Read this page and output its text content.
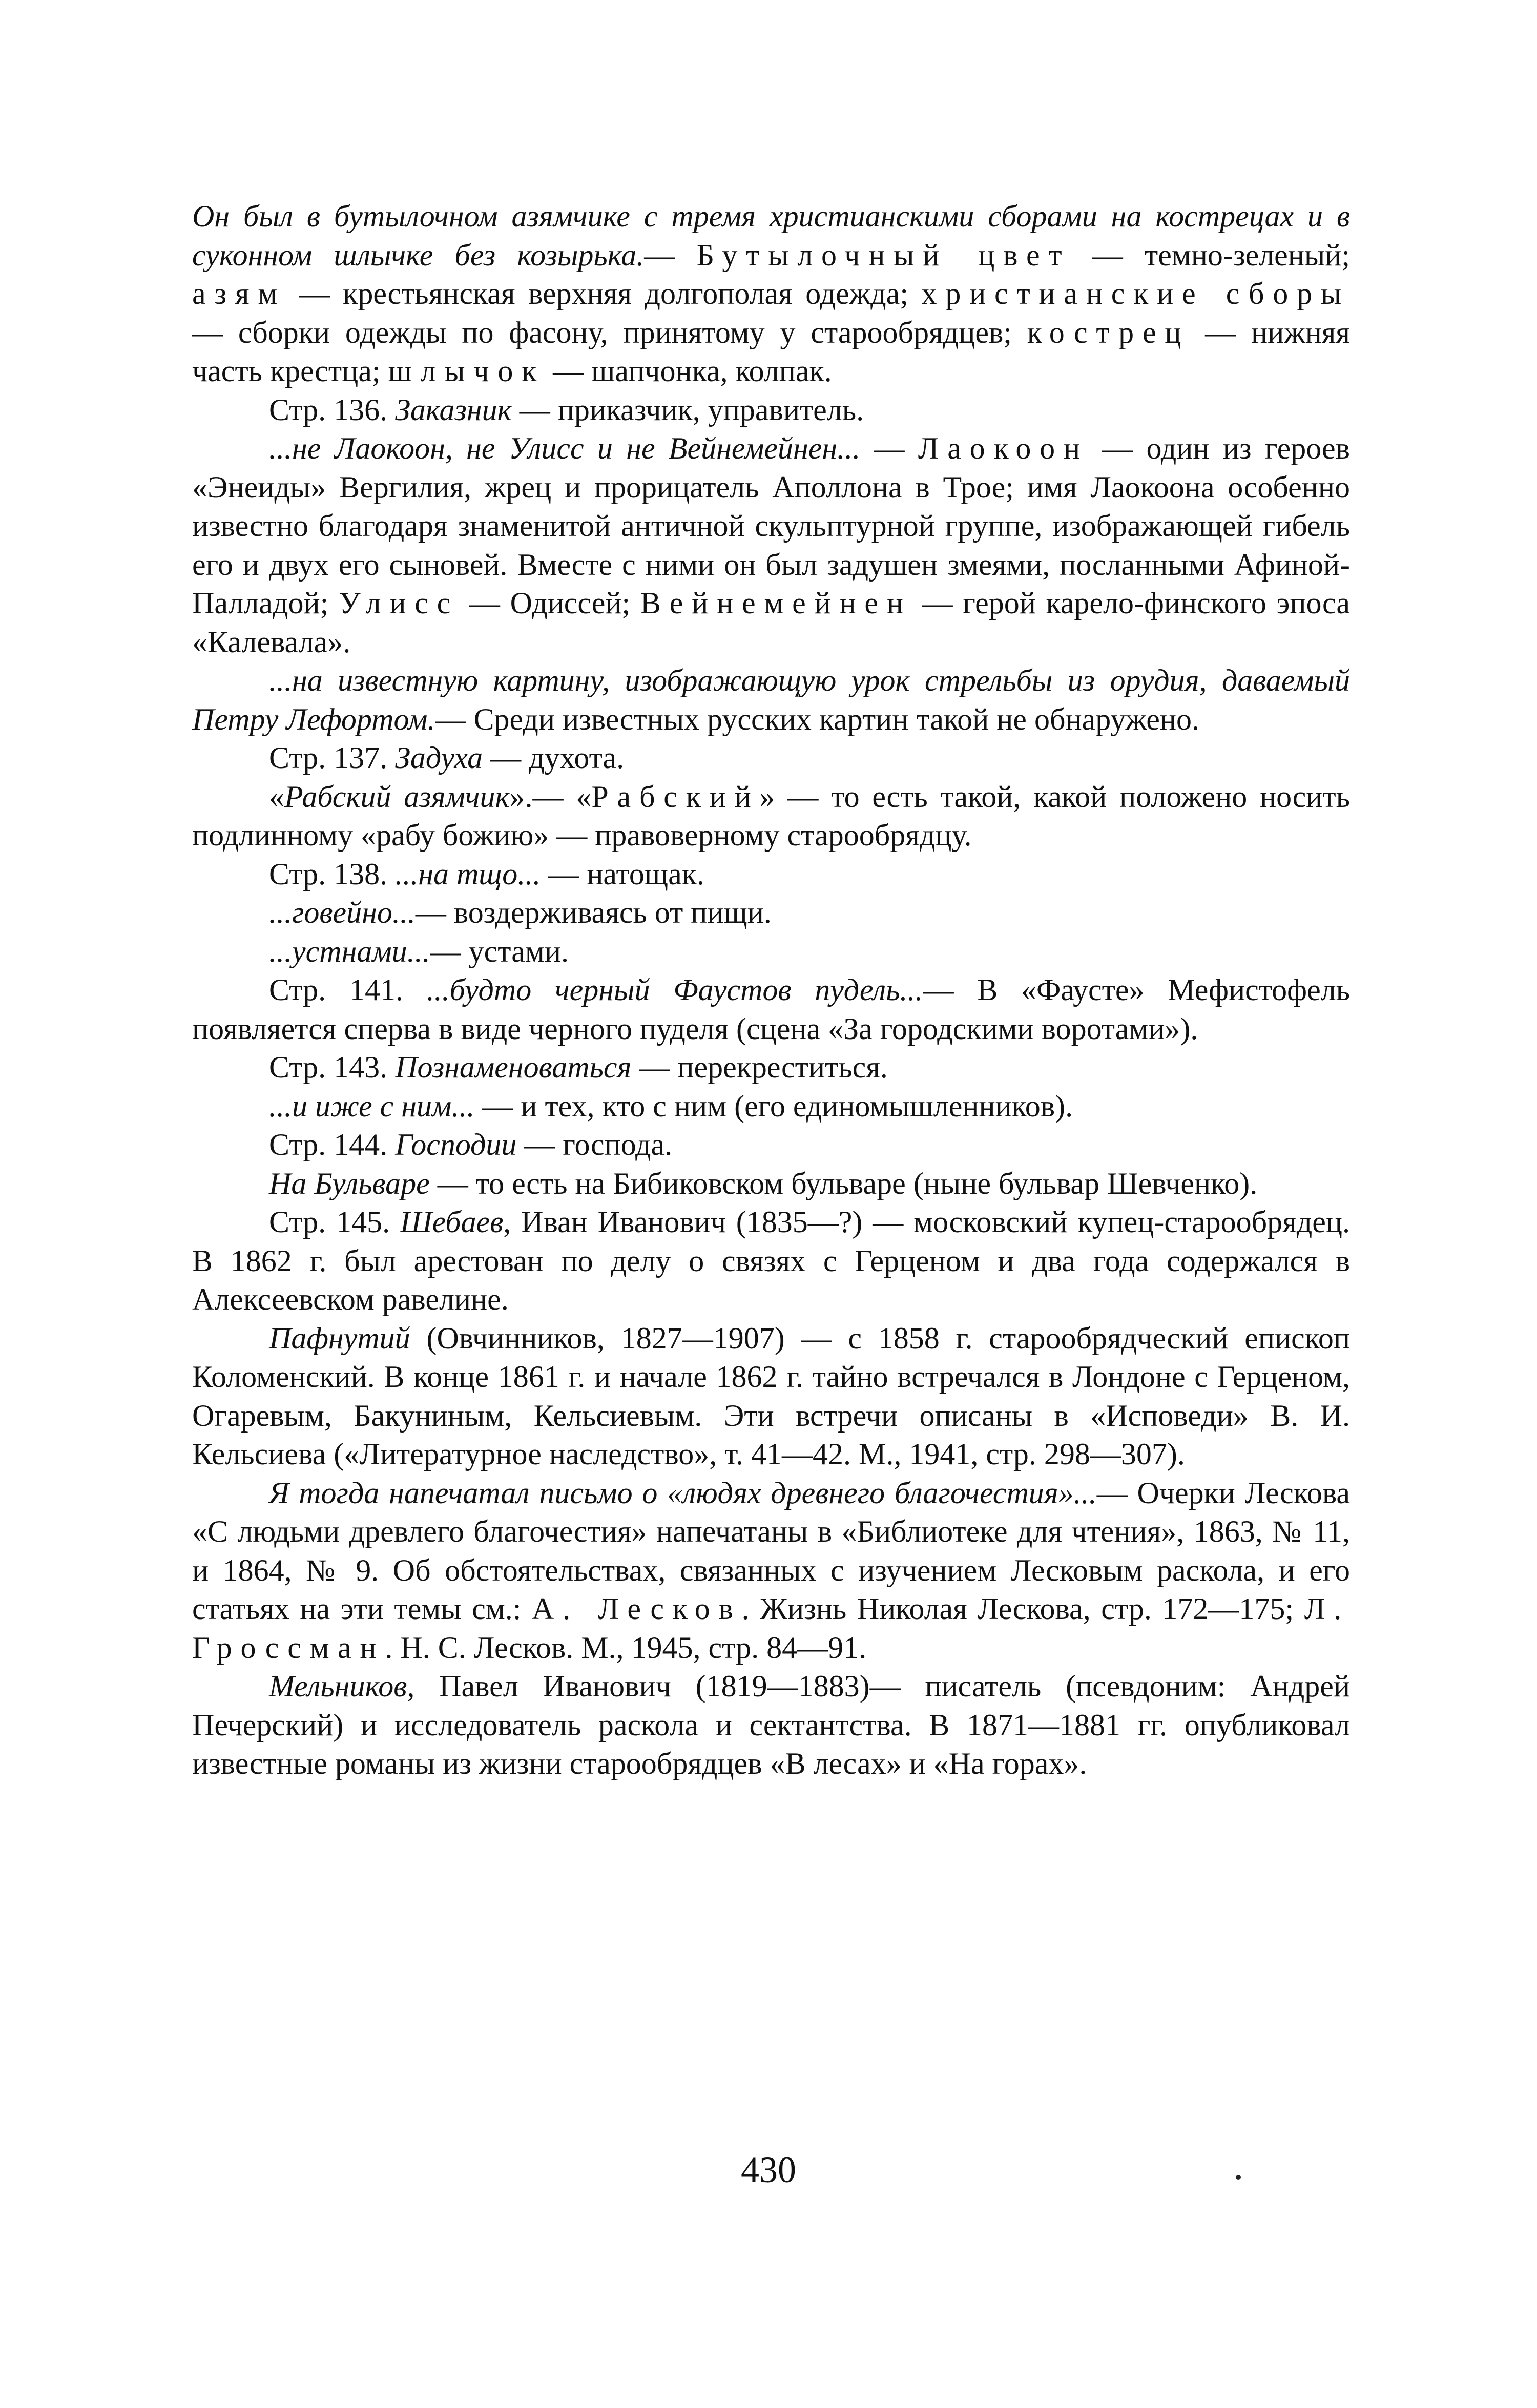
Он был в бутылочном азямчике с тремя христианскими сборами на кострецах и в суконном шлычке без козырька.— Бутылочный цвет — темно-зеленый; азям — крестьянская верхняя долгополая одежда; христианские сборы — сборки одежды по фасону, принятому у старообрядцев; кострец — нижняя часть крестца; шлычок — шапчонка, колпак.

Стр. 136. Заказник — приказчик, управитель.

...не Лаокоон, не Улисс и не Вейнемейнен... — Лаокоон — один из героев «Энеиды» Вергилия, жрец и прорицатель Аполлона в Трое; имя Лаокоона особенно известно благодаря знаменитой античной скульптурной группе, изображающей гибель его и двух его сыновей. Вместе с ними он был задушен змеями, посланными Афиной-Палладой; Улисс — Одиссей; Вейнемейнен — герой карело-финского эпоса «Калевала».

...на известную картину, изображающую урок стрельбы из орудия, даваемый Петру Лефортом.— Среди известных русских картин такой не обнаружено.

Стр. 137. Задуха — духота.

«Рабский азямчик».— «Рабский» — то есть такой, какой положено носить подлинному «рабу божию» — правоверному старообрядцу.

Стр. 138. ...на тщо... — натощак.

...говейно...— воздерживаясь от пищи.

...устнами...— устами.

Стр. 141. ...будто черный Фаустов пудель...— В «Фаусте» Мефистофель появляется сперва в виде черного пуделя (сцена «За городскими воротами»).

Стр. 143. Познаменоваться — перекреститься.

...и иже с ним... — и тех, кто с ним (его единомышленников).

Стр. 144. Господии — господа.

На Бульваре — то есть на Бибиковском бульваре (ныне бульвар Шевченко).

Стр. 145. Шебаев, Иван Иванович (1835—?) — московский купец-старообрядец. В 1862 г. был арестован по делу о связях с Герценом и два года содержался в Алексеевском равелине.

Пафнутий (Овчинников, 1827—1907) — с 1858 г. старообрядческий епископ Коломенский. В конце 1861 г. и начале 1862 г. тайно встречался в Лондоне с Герценом, Огаревым, Бакуниным, Кельсиевым. Эти встречи описаны в «Исповеди» В. И. Кельсиева («Литературное наследство», т. 41—42. М., 1941, стр. 298—307).

Я тогда напечатал письмо о «людях древнего благочестия»...— Очерки Лескова «С людьми древлего благочестия» напечатаны в «Библиотеке для чтения», 1863, № 11, и 1864, № 9. Об обстоятельствах, связанных с изучением Лесковым раскола, и его статьях на эти темы см.: А. Лесков. Жизнь Николая Лескова, стр. 172—175; Л. Гроссман. Н. С. Лесков. М., 1945, стр. 84—91.

Мельников, Павел Иванович (1819—1883)— писатель (псевдоним: Андрей Печерский) и исследователь раскола и сектантства. В 1871—1881 гг. опубликовал известные романы из жизни старообрядцев «В лесах» и «На горах».

430
